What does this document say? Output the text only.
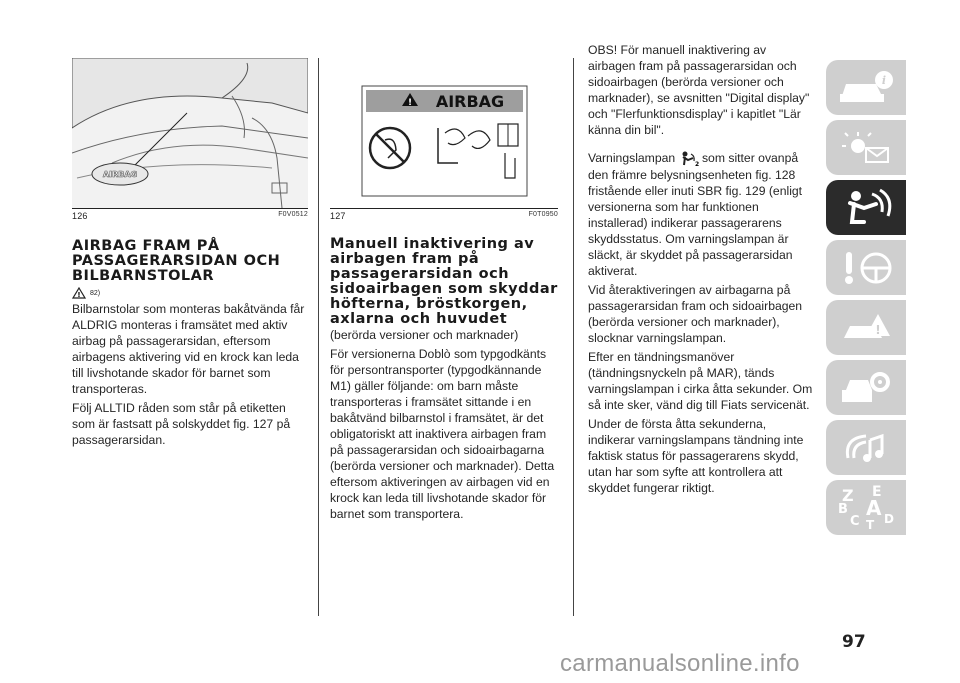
AIRBAG
126	F0V0512
AIRBAG FRAM PÅ PASSAGERARSIDAN OCH BILBARNSTOLAR
! 82)

Bilbarnstolar som monteras bakåtvända får ALDRIG monteras i framsätet med aktiv airbag på passagerarsidan, eftersom airbagens aktivering vid en krock kan leda till livshotande skador för barnet som transporteras.

Följ ALLTID råden som står på etiketten som är fastsatt på solskyddet fig. 127 på passagerarsidan.

! AIRBAG
127	F0T0950
Manuell inaktivering av airbagen fram på passagerarsidan och sidoairbagen som skyddar höfterna, bröstkorgen, axlarna och huvudet

(berörda versioner och marknader)

För versionerna Doblò som typgodkänts för persontransporter (typgodkännande M1) gäller följande: om barn måste transporteras i framsätet sittande i en bakåtvänd bilbarnstol i framsätet, är det obligatoriskt att inaktivera airbagen fram på passagerarsidan och sidoairbagarna (berörda versioner och marknader). Detta eftersom aktiveringen av airbagen vid en krock kan leda till livshotande skador för barnet som transportera.

OBS! För manuell inaktivering av airbagen fram på passagerarsidan och sidoairbagen (berörda versioner och marknader), se avsnitten "Digital display" och "Flerfunktionsdisplay" i kapitlet "Lär känna din bil".

Varningslampan	2 som sitter ovanpå den främre belysningsenheten fig. 128 fristående eller inuti SBR fig. 129 (enligt versionerna som har funktionen installerad) indikerar passagerarens skyddsstatus. Om varningslampan är släckt, är skyddet på passagerarsidan aktiverat.

Vid återaktiveringen av airbagarna på passagerarsidan fram och sidoairbagen (berörda versioner och marknader), slocknar varningslampan.

Efter en tändningsmanöver (tändningsnyckeln på MAR), tänds varningslampan i cirka åtta sekunder. Om så inte sker, vänd dig till Fiats servicenät.

Under de första åtta sekunderna, indikerar varningslampans tändning inte faktisk status för passagerarens skydd, utan har som syfte att kontrollera att skyddet fungerar riktigt.

i
!
Z E
B A
C T D
97
carmanualsonline.info
